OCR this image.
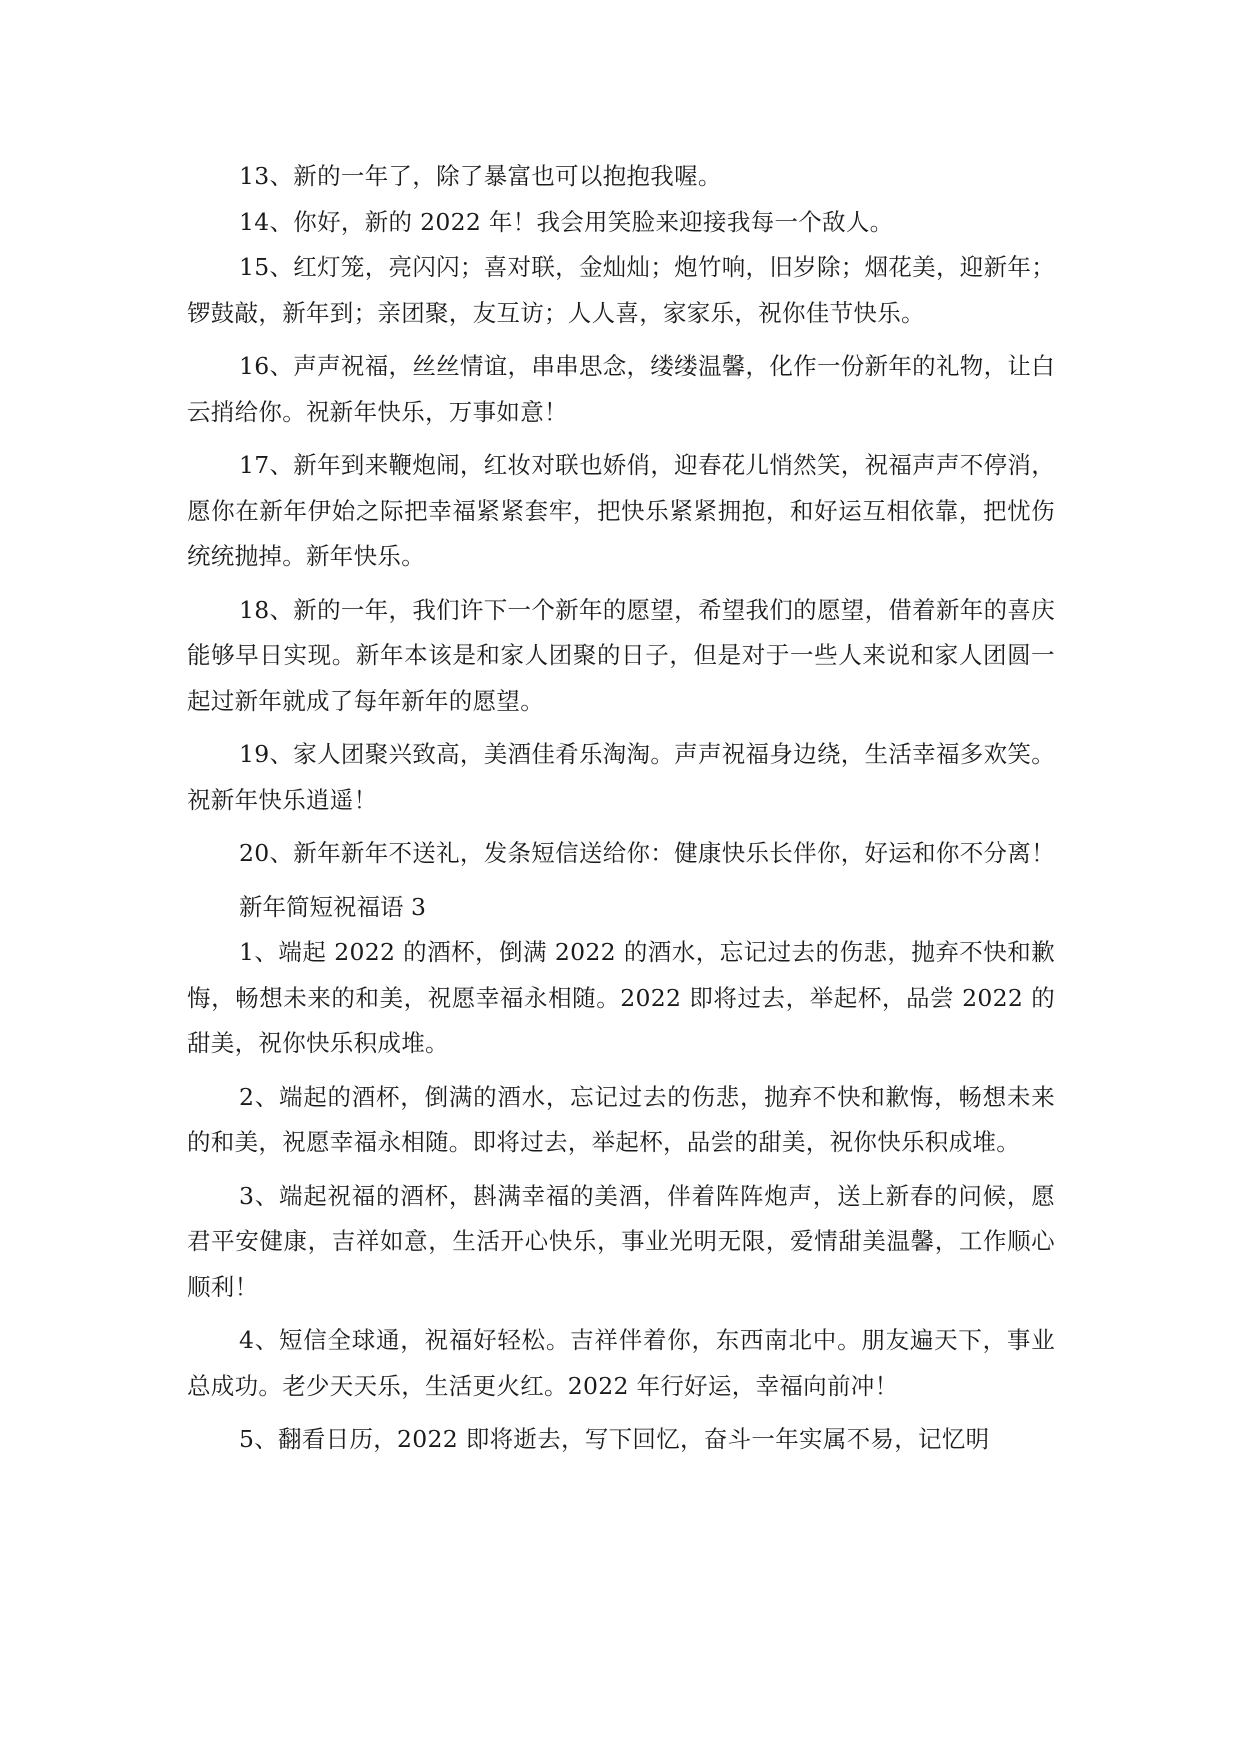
13、新的一年了，除了暴富也可以抱抱我喔。

14、你好，新的 2022 年！我会用笑脸来迎接我每一个敌人。

15、红灯笼，亮闪闪；喜对联，金灿灿；炮竹响，旧岁除；烟花美，迎新年；锣鼓敲，新年到；亲团聚，友互访；人人喜，家家乐，祝你佳节快乐。

16、声声祝福，丝丝情谊，串串思念，缕缕温馨，化作一份新年的礼物，让白云捎给你。祝新年快乐，万事如意！

17、新年到来鞭炮闹，红妆对联也娇俏，迎春花儿悄然笑，祝福声声不停消，愿你在新年伊始之际把幸福紧紧套牢，把快乐紧紧拥抱，和好运互相依靠，把忧伤统统抛掉。新年快乐。

18、新的一年，我们许下一个新年的愿望，希望我们的愿望，借着新年的喜庆能够早日实现。新年本该是和家人团聚的日子，但是对于一些人来说和家人团圆一起过新年就成了每年新年的愿望。

19、家人团聚兴致高，美酒佳肴乐淘淘。声声祝福身边绕，生活幸福多欢笑。祝新年快乐逍遥！

20、新年新年不送礼，发条短信送给你：健康快乐长伴你，好运和你不分离！

新年简短祝福语 3

1、端起 2022 的酒杯，倒满 2022 的酒水，忘记过去的伤悲，抛弃不快和歉悔，畅想未来的和美，祝愿幸福永相随。2022 即将过去，举起杯，品尝 2022 的甜美，祝你快乐积成堆。

2、端起的酒杯，倒满的酒水，忘记过去的伤悲，抛弃不快和歉悔，畅想未来的和美，祝愿幸福永相随。即将过去，举起杯，品尝的甜美，祝你快乐积成堆。

3、端起祝福的酒杯，斟满幸福的美酒，伴着阵阵炮声，送上新春的问候，愿君平安健康，吉祥如意，生活开心快乐，事业光明无限，爱情甜美温馨，工作顺心顺利！

4、短信全球通，祝福好轻松。吉祥伴着你，东西南北中。朋友遍天下，事业总成功。老少天天乐，生活更火红。2022 年行好运，幸福向前冲！

5、翻看日历，2022 即将逝去，写下回忆，奋斗一年实属不易，记忆明
